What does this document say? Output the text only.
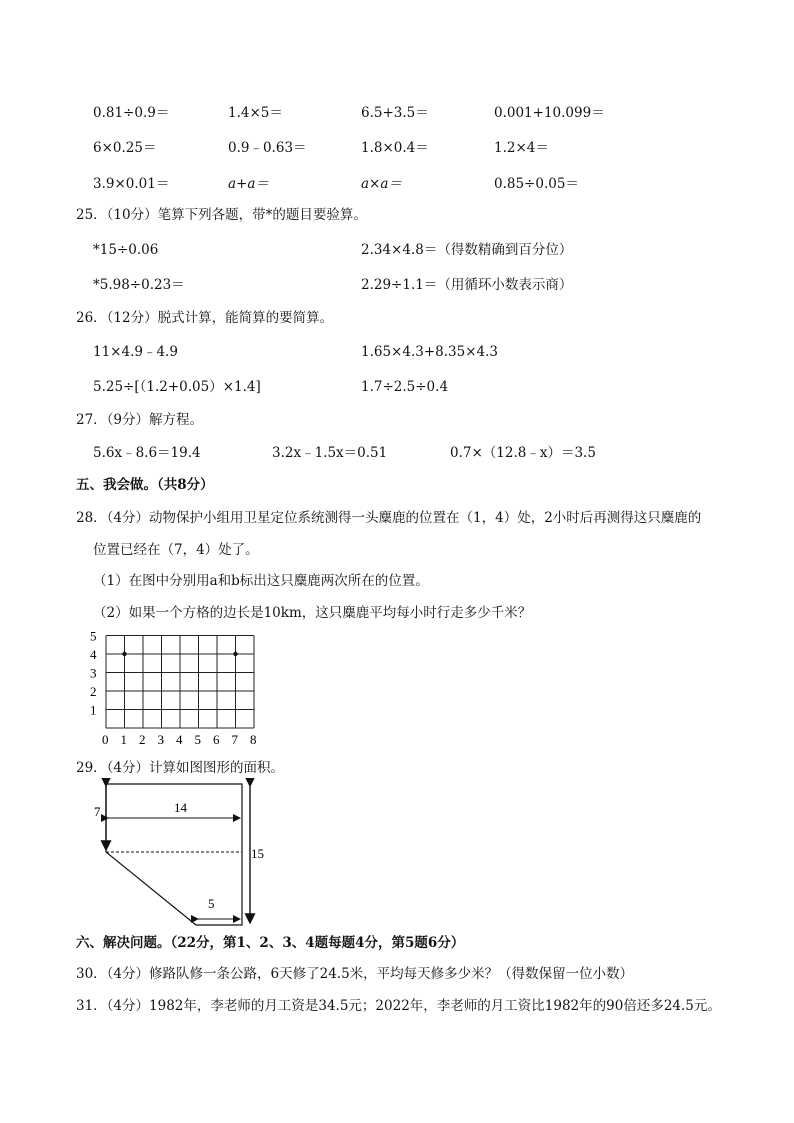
0.81÷0.9＝	1.4×5＝	6.5+3.5＝	0.001+10.099＝
6×0.25＝	0.9﹣0.63＝	1.8×0.4＝	1.2×4＝
3.9×0.01＝	a+a＝	a×a＝	0.85÷0.05＝
25．（10分）笔算下列各题，带*的题目要验算。
*15÷0.06	2.34×4.8＝（得数精确到百分位）
*5.98÷0.23＝	2.29÷1.1＝（用循环小数表示商）
26．（12分）脱式计算，能简算的要简算。
11×4.9﹣4.9	1.65×4.3+8.35×4.3
5.25÷[（1.2+0.05）×1.4]	1.7÷2.5÷0.4
27．（9分）解方程。
5.6x﹣8.6＝19.4	3.2x﹣1.5x＝0.51	0.7×（12.8﹣x）＝3.5
五、我会做。（共8分）
28．（4分）动物保护小组用卫星定位系统测得一头麋鹿的位置在（1，4）处，2小时后再测得这只麋鹿的
位置已经在（7，4）处了。
（1）在图中分别用a和b标出这只麋鹿两次所在的位置。
（2）如果一个方格的边长是10km，这只麋鹿平均每小时行走多少千米？
0 1 2 3 4 5 6 7 8
1
2
3
4
5
29．（4分）计算如图图形的面积。
7	14
15
5
六、解决问题。（22分，第1、2、3、4题每题4分，第5题6分）
30．（4分）修路队修一条公路，6天修了24.5米，平均每天修多少米？（得数保留一位小数）
31．（4分）1982年，李老师的月工资是34.5元；2022年，李老师的月工资比1982年的90倍还多24.5元。
